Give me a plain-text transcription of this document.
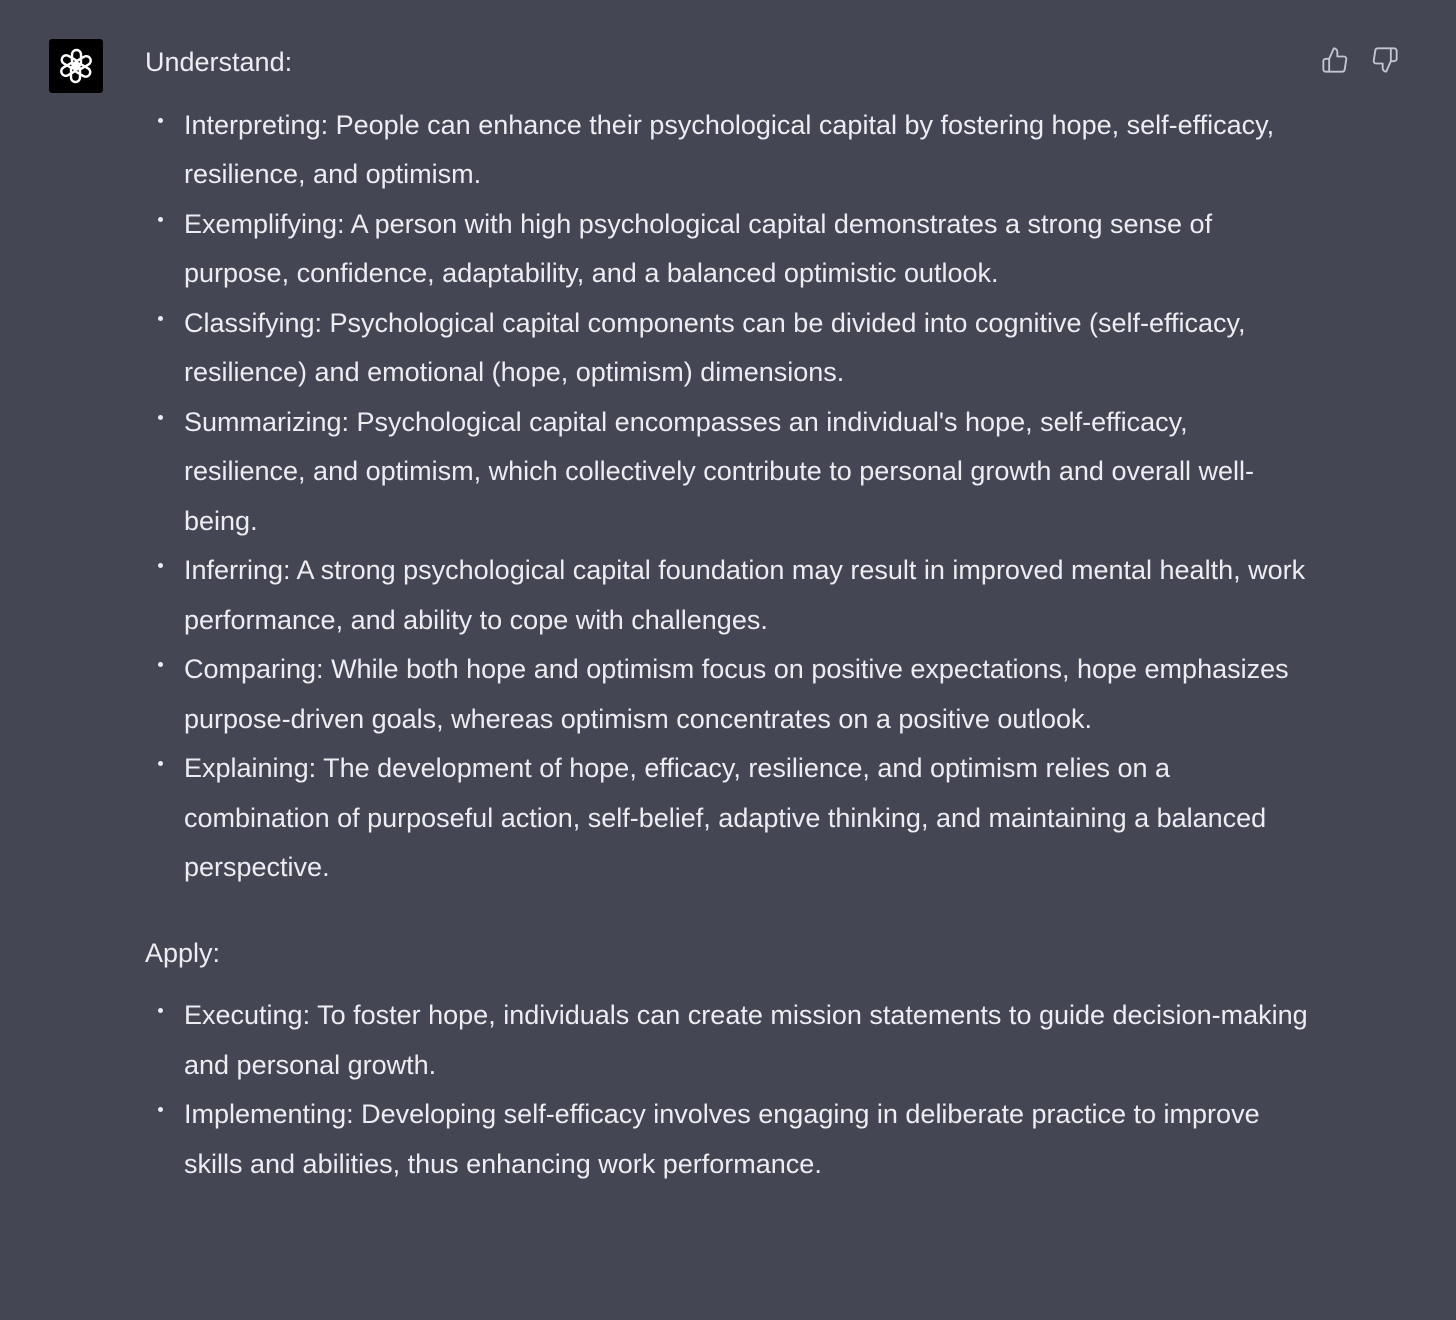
Understand:

Interpreting: People can enhance their psychological capital by fostering hope, self-efficacy, resilience, and optimism.
Exemplifying: A person with high psychological capital demonstrates a strong sense of purpose, confidence, adaptability, and a balanced optimistic outlook.
Classifying: Psychological capital components can be divided into cognitive (self-efficacy, resilience) and emotional (hope, optimism) dimensions.
Summarizing: Psychological capital encompasses an individual's hope, self-efficacy, resilience, and optimism, which collectively contribute to personal growth and overall well-being.
Inferring: A strong psychological capital foundation may result in improved mental health, work performance, and ability to cope with challenges.
Comparing: While both hope and optimism focus on positive expectations, hope emphasizes purpose-driven goals, whereas optimism concentrates on a positive outlook.
Explaining: The development of hope, efficacy, resilience, and optimism relies on a combination of purposeful action, self-belief, adaptive thinking, and maintaining a balanced perspective.

Apply:

Executing: To foster hope, individuals can create mission statements to guide decision-making and personal growth.
Implementing: Developing self-efficacy involves engaging in deliberate practice to improve skills and abilities, thus enhancing work performance.
